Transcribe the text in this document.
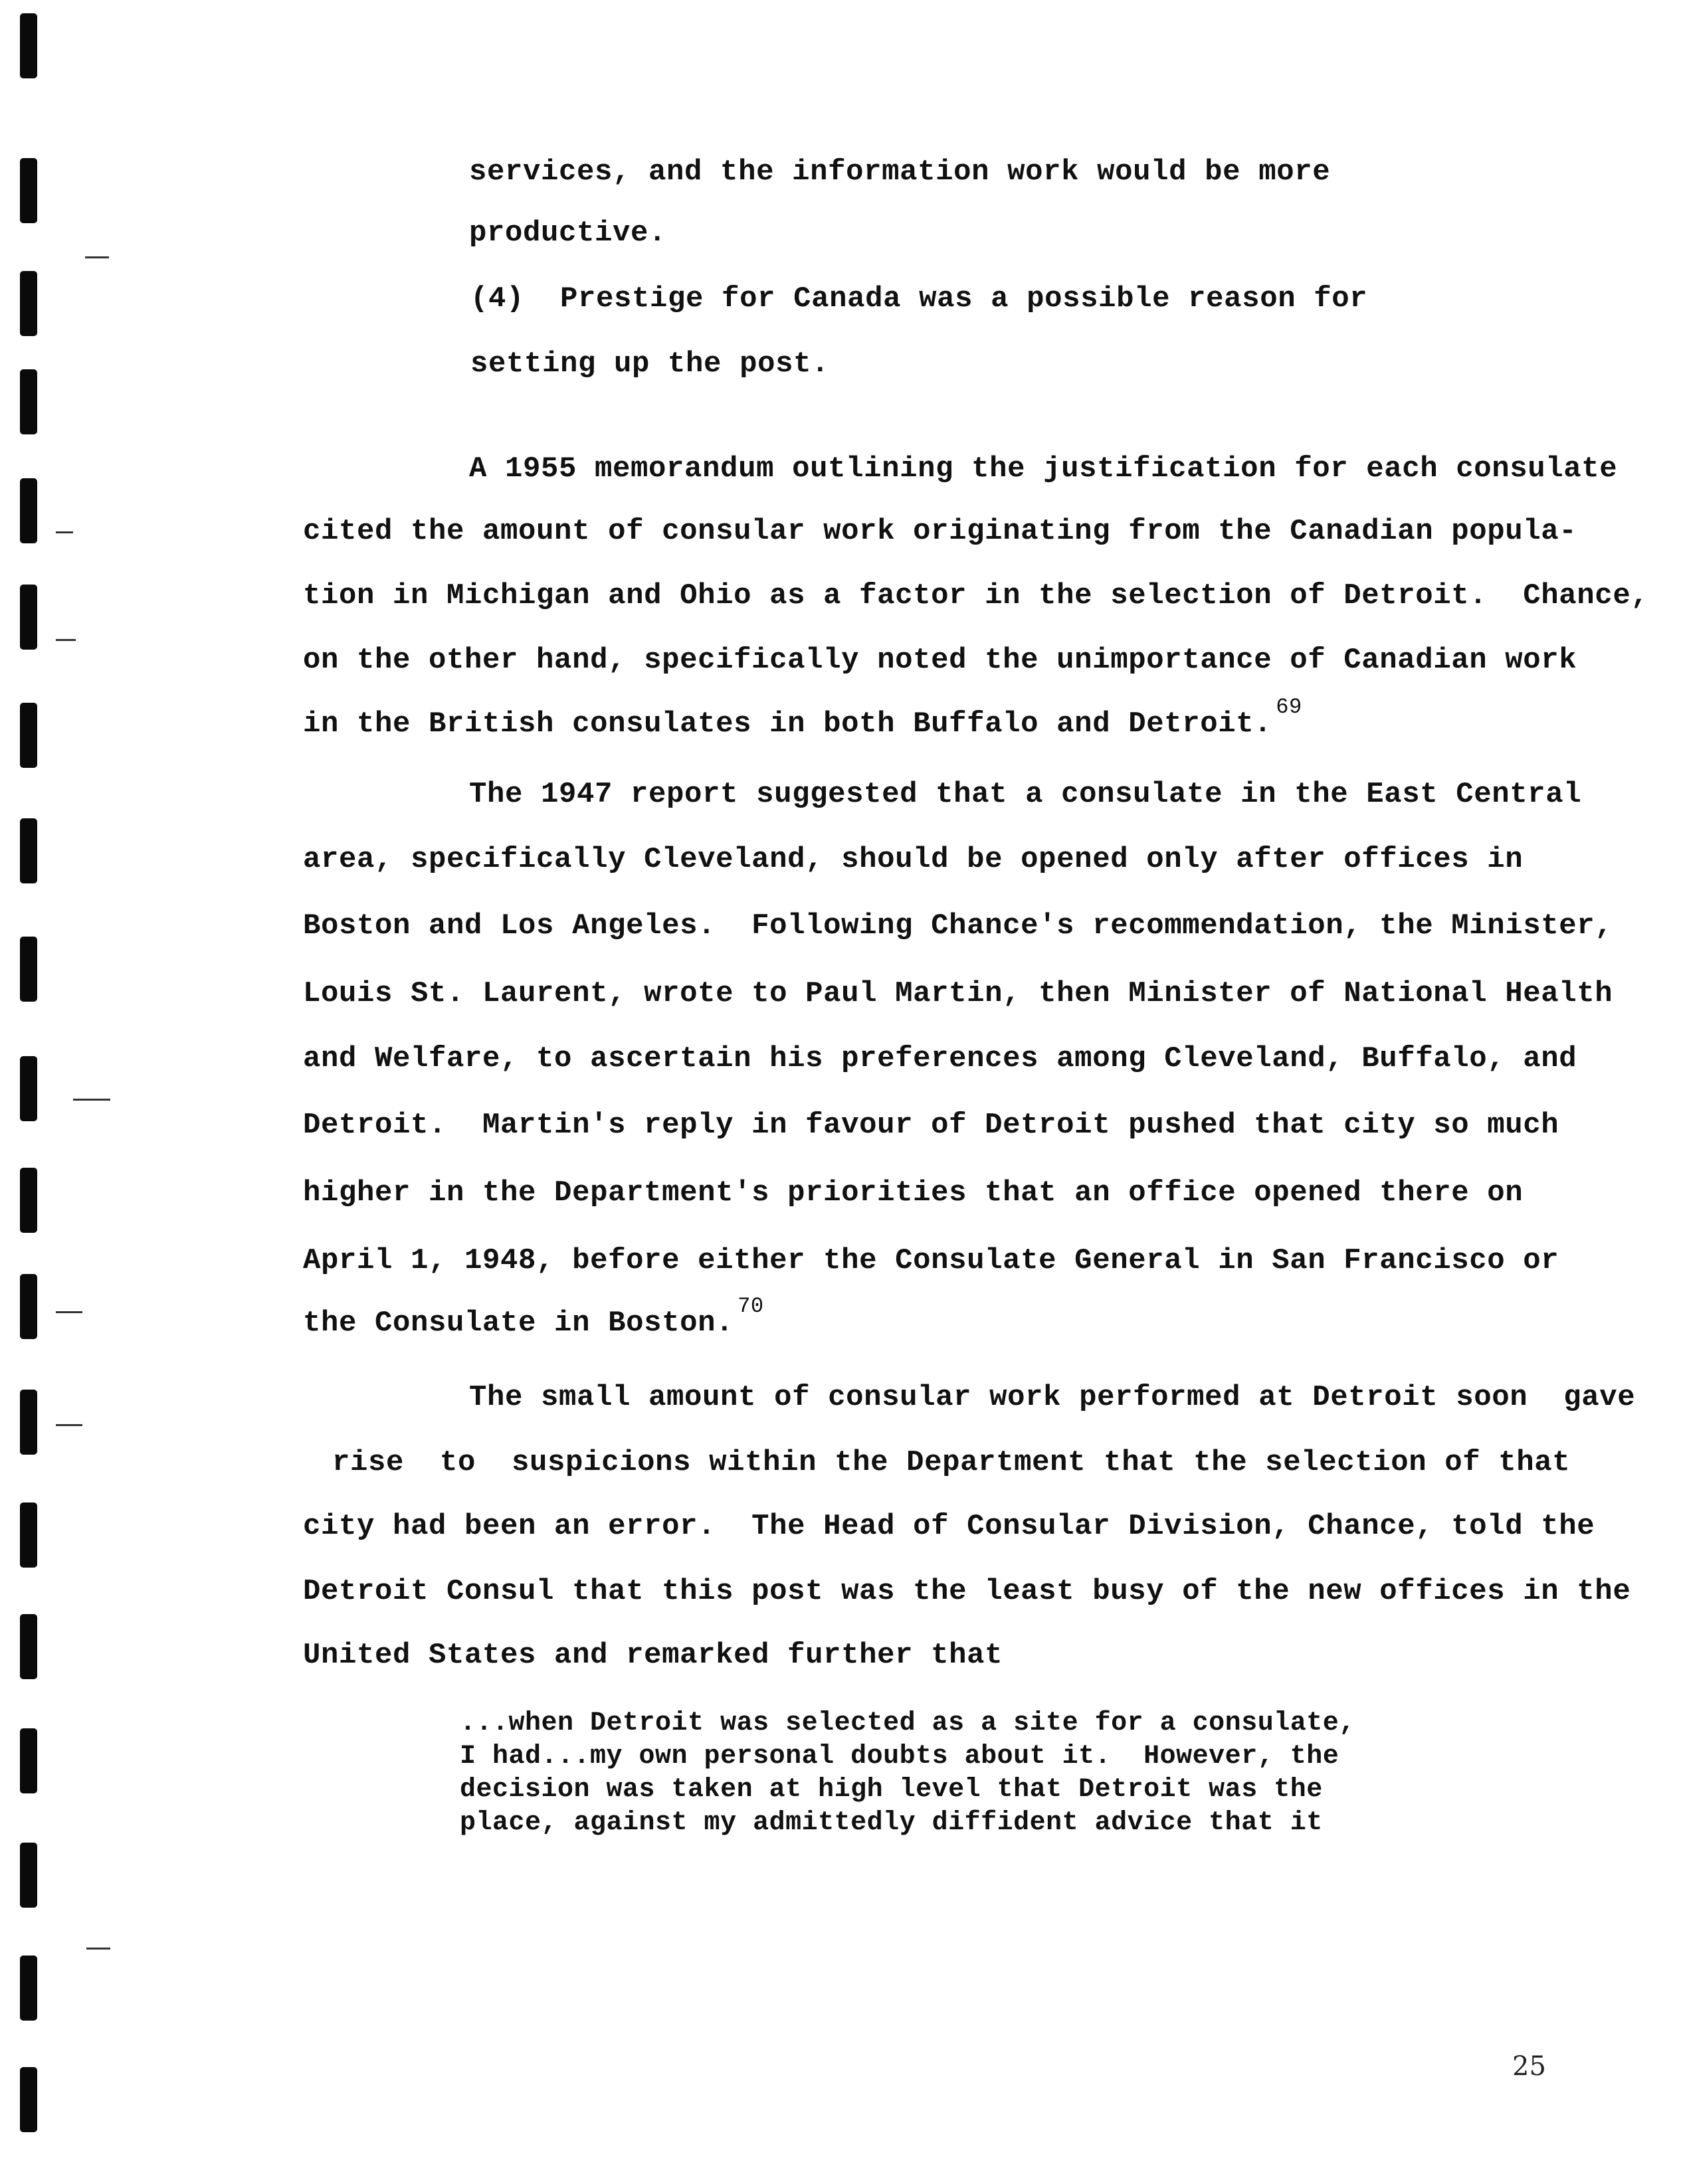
services, and the information work would be more
productive.
(4)  Prestige for Canada was a possible reason for
setting up the post.
A 1955 memorandum outlining the justification for each consulate
cited the amount of consular work originating from the Canadian popula-
tion in Michigan and Ohio as a factor in the selection of Detroit.  Chance,
on the other hand, specifically noted the unimportance of Canadian work
in the British consulates in both Buffalo and Detroit.$^{69}$
The 1947 report suggested that a consulate in the East Central
area, specifically Cleveland, should be opened only after offices in
Boston and Los Angeles.  Following Chance's recommendation, the Minister,
Louis St. Laurent, wrote to Paul Martin, then Minister of National Health
and Welfare, to ascertain his preferences among Cleveland, Buffalo, and
Detroit.  Martin's reply in favour of Detroit pushed that city so much
higher in the Department's priorities that an office opened there on
April 1, 1948, before either the Consulate General in San Francisco or
the Consulate in Boston.$^{70}$
The small amount of consular work performed at Detroit soon  gave
rise  to  suspicions within the Department that the selection of that
city had been an error.  The Head of Consular Division, Chance, told the
Detroit Consul that this post was the least busy of the new offices in the
United States and remarked further that
...when Detroit was selected as a site for a consulate,
I had...my own personal doubts about it.  However, the
decision was taken at high level that Detroit was the
place, against my admittedly diffident advice that it
25
